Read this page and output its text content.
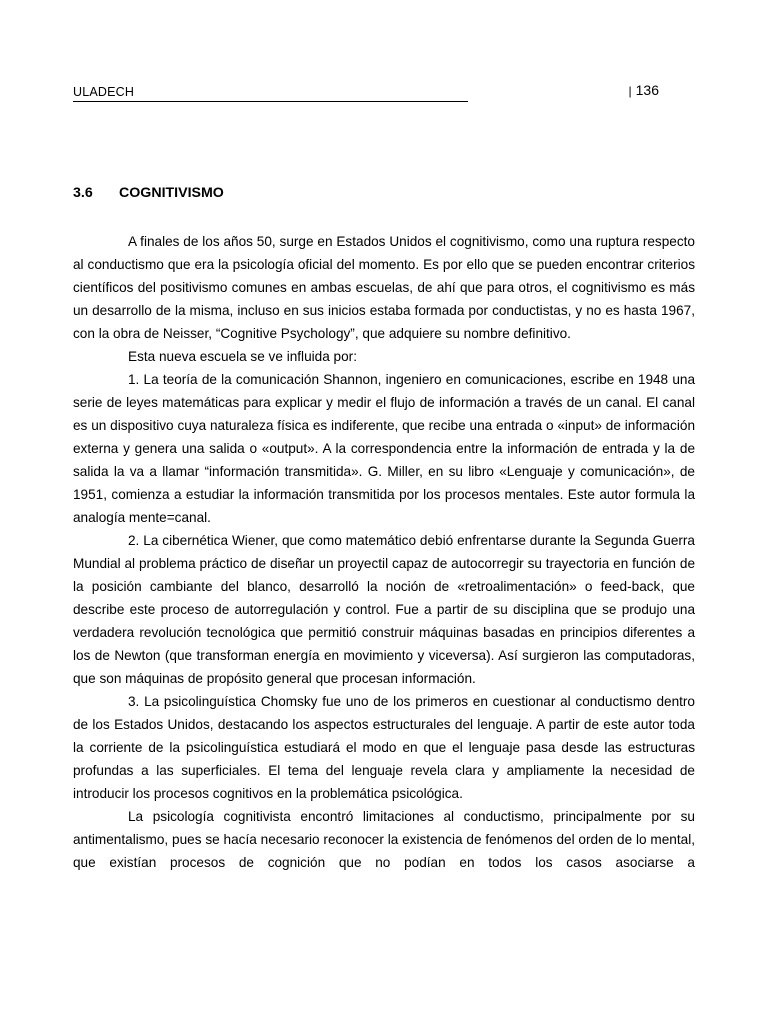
ULADECH	| 136
3.6 COGNITIVISMO

A finales de los años 50, surge en Estados Unidos el cognitivismo, como una ruptura respecto al conductismo que era la psicología oficial del momento. Es por ello que se pueden encontrar criterios científicos del positivismo comunes en ambas escuelas, de ahí que para otros, el cognitivismo es más un desarrollo de la misma, incluso en sus inicios estaba formada por conductistas, y no es hasta 1967, con la obra de Neisser, “Cognitive Psychology”, que adquiere su nombre definitivo.

Esta nueva escuela se ve influida por:

1. La teoría de la comunicación Shannon, ingeniero en comunicaciones, escribe en 1948 una serie de leyes matemáticas para explicar y medir el flujo de información a través de un canal. El canal es un dispositivo cuya naturaleza física es indiferente, que recibe una entrada o «input» de información externa y genera una salida o «output». A la correspondencia entre la información de entrada y la de salida la va a llamar “información transmitida». G. Miller, en su libro «Lenguaje y comunicación», de 1951, comienza a estudiar la información transmitida por los procesos mentales. Este autor formula la analogía mente=canal.

2. La cibernética Wiener, que como matemático debió enfrentarse durante la Segunda Guerra Mundial al problema práctico de diseñar un proyectil capaz de autocorregir su trayectoria en función de la posición cambiante del blanco, desarrolló la noción de «retroalimentación» o feed-back, que describe este proceso de autorregulación y control. Fue a partir de su disciplina que se produjo una verdadera revolución tecnológica que permitió construir máquinas basadas en principios diferentes a los de Newton (que transforman energía en movimiento y viceversa). Así surgieron las computadoras, que son máquinas de propósito general que procesan información.

3. La psicolinguística Chomsky fue uno de los primeros en cuestionar al conductismo dentro de los Estados Unidos, destacando los aspectos estructurales del lenguaje. A partir de este autor toda la corriente de la psicolinguística estudiará el modo en que el lenguaje pasa desde las estructuras profundas a las superficiales. El tema del lenguaje revela clara y ampliamente la necesidad de introducir los procesos cognitivos en la problemática psicológica.

La psicología cognitivista encontró limitaciones al conductismo, principalmente por su antimentalismo, pues se hacía necesario reconocer la existencia de fenómenos del orden de lo mental, que existían procesos de cognición que no podían en todos los casos asociarse a
